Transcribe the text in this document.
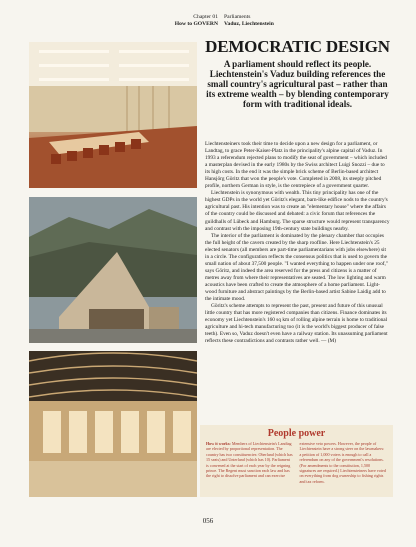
Chapter 01
How to GOVERN
Parliaments
Vaduz, Liechtenstein
DEMOCRATIC DESIGN

A parliament should reflect its people. Liechtenstein's Vaduz building references the small country's agricultural past – rather than its extreme wealth – by blending contemporary form with traditional ideals.

Liechtensteiners took their time to decide upon a new design for a parliament, or Landtag, to grace Peter-Kaiser-Platz in the principality's alpine capital of Vaduz. In 1993 a referendum rejected plans to modify the seat of government – which included a masterplan devised in the early 1980s by the Swiss architect Luigi Snozzi – due to its high costs. In the end it was the simple brick scheme of Berlin-based architect Hansjörg Göritz that won the people's vote. Completed in 2008, its steeply pitched profile, northern German in style, is the centrepiece of a government quarter.

Liechtenstein is synonymous with wealth. This tiny principality has one of the highest GDPs in the world yet Göritz's elegant, barn-like edifice nods to the country's agricultural past. His intention was to create an "elementary house" where the affairs of the country could be discussed and debated: a civic forum that references the guildhalls of Lübeck and Hamburg. The sparse structure would represent transparency and contrast with the imposing 19th-century state buildings nearby.

The interior of the parliament is dominated by the plenary chamber that occupies the full height of the cavern created by the sharp roofline. Here Liechtenstein's 25 elected senators (all members are part-time parliamentarians with jobs elsewhere) sit in a circle. The configuration reflects the consensus politics that is used to govern the small nation of about 37,500 people. "I wanted everything to happen under one roof," says Göritz, and indeed the area reserved for the press and citizens is a matter of metres away from where their representatives are seated. The low lighting and warm acoustics have been crafted to create the atmosphere of a home parliament. Light-wood furniture and abstract paintings by the Berlin-based artist Sabine Laidig add to the intimate mood.

Göritz's scheme attempts to represent the past, present and future of this unusual little country that has more registered companies than citizens. Finance dominates its economy yet Liechtenstein's 160 sq km of rolling alpine terrain is home to traditional agriculture and hi-tech manufacturing too (it is the world's biggest producer of false teeth). Even so, Vaduz doesn't even have a railway station. Its unassuming parliament reflects these contradictions and contrasts rather well. — (M)

People power

How it works: Members of Liechtenstein's Landtag are elected by proportional representation. The country has two constituencies: Oberland (which has 15 seats) and Unterland (which has 10). Parliament is convened at the start of each year by the reigning prince. The Regent must sanction each law and has the right to dissolve parliament and can exercise

extensive veto powers. However, the people of Liechtenstein have a strong steer on the lawmakers: a petition of 1,000 voters is enough to call a referendum on any of the government's resolutions. (For amendments to the constitution, 1,500 signatures are required.) Liechtensteiners have voted on everything from dog ownership to fishing rights and tax reform.

056
